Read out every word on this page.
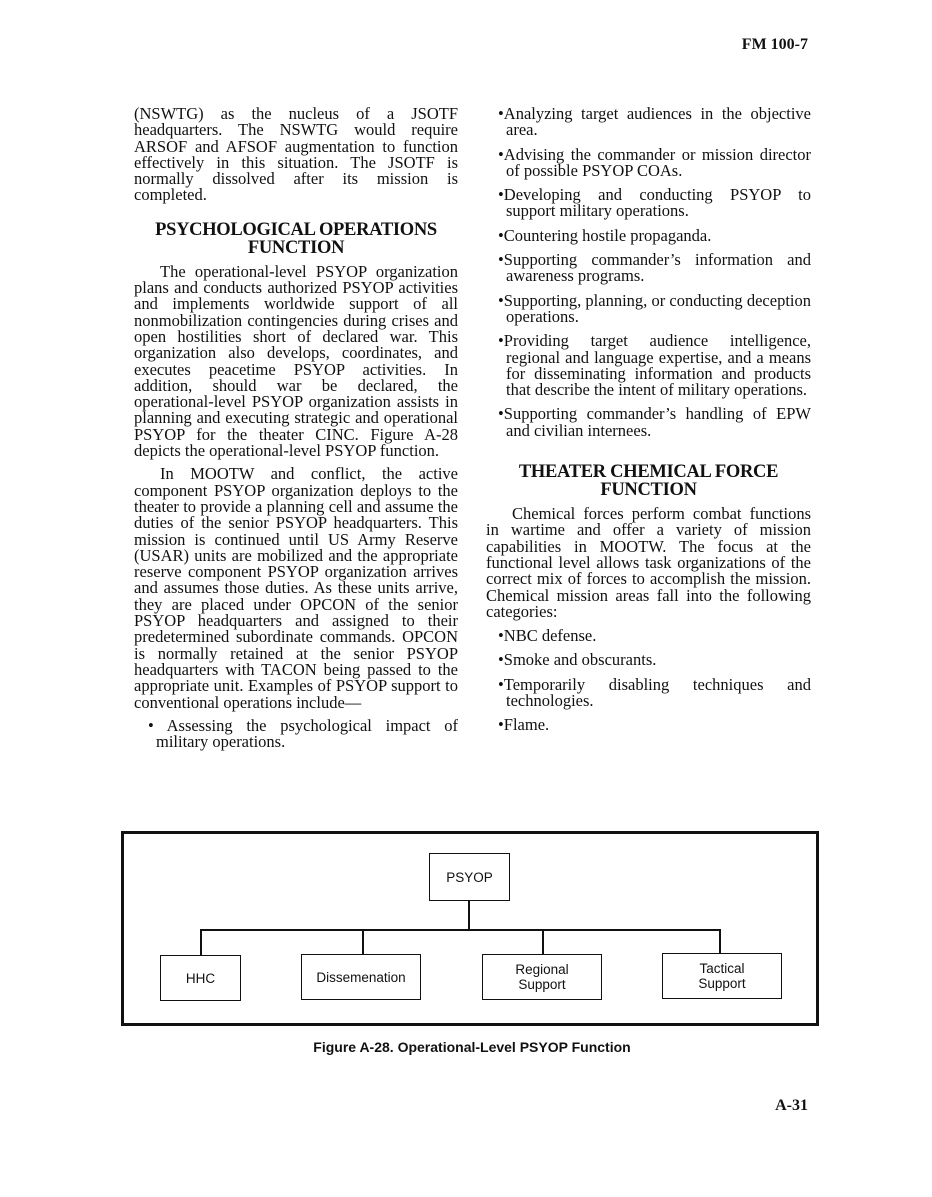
FM 100-7

(NSWTG) as the nucleus of a JSOTF headquarters. The NSWTG would require ARSOF and AFSOF augmentation to function effectively in this situation. The JSOTF is normally dissolved after its mission is completed.

PSYCHOLOGICAL OPERATIONS
FUNCTION

The operational-level PSYOP organization plans and conducts authorized PSYOP activities and implements worldwide support of all nonmobilization contingencies during crises and open hostilities short of declared war. This organization also develops, coordinates, and executes peacetime PSYOP activities. In addition, should war be declared, the operational-level PSYOP organization assists in planning and executing strategic and operational PSYOP for the theater CINC. Figure A-28 depicts the operational-level PSYOP function.

In MOOTW and conflict, the active component PSYOP organization deploys to the theater to provide a planning cell and assume the duties of the senior PSYOP headquarters. This mission is continued until US Army Reserve (USAR) units are mobilized and the appropriate reserve component PSYOP organization arrives and assumes those duties. As these units arrive, they are placed under OPCON of the senior PSYOP headquarters and assigned to their predetermined subordinate commands. OPCON is normally retained at the senior PSYOP headquarters with TACON being passed to the appropriate unit. Examples of PSYOP support to conventional operations include—

• Assessing the psychological impact of military operations.

•Analyzing target audiences in the objective area.

•Advising the commander or mission director of possible PSYOP COAs.

•Developing and conducting PSYOP to support military operations.

•Countering hostile propaganda.

•Supporting commander’s information and awareness programs.

•Supporting, planning, or conducting deception operations.

•Providing target audience intelligence, regional and language expertise, and a means for disseminating information and products that describe the intent of military operations.

•Supporting commander’s handling of EPW and civilian internees.

THEATER CHEMICAL FORCE
FUNCTION

Chemical forces perform combat functions in wartime and offer a variety of mission capabilities in MOOTW. The focus at the functional level allows task organizations of the correct mix of forces to accomplish the mission. Chemical mission areas fall into the following categories:

•NBC defense.

•Smoke and obscurants.

•Temporarily disabling techniques and technologies.

•Flame.

PSYOP
HHC	Dissemenation	Regional Support
Tactical Support
Figure A-28. Operational-Level PSYOP Function
A-31
